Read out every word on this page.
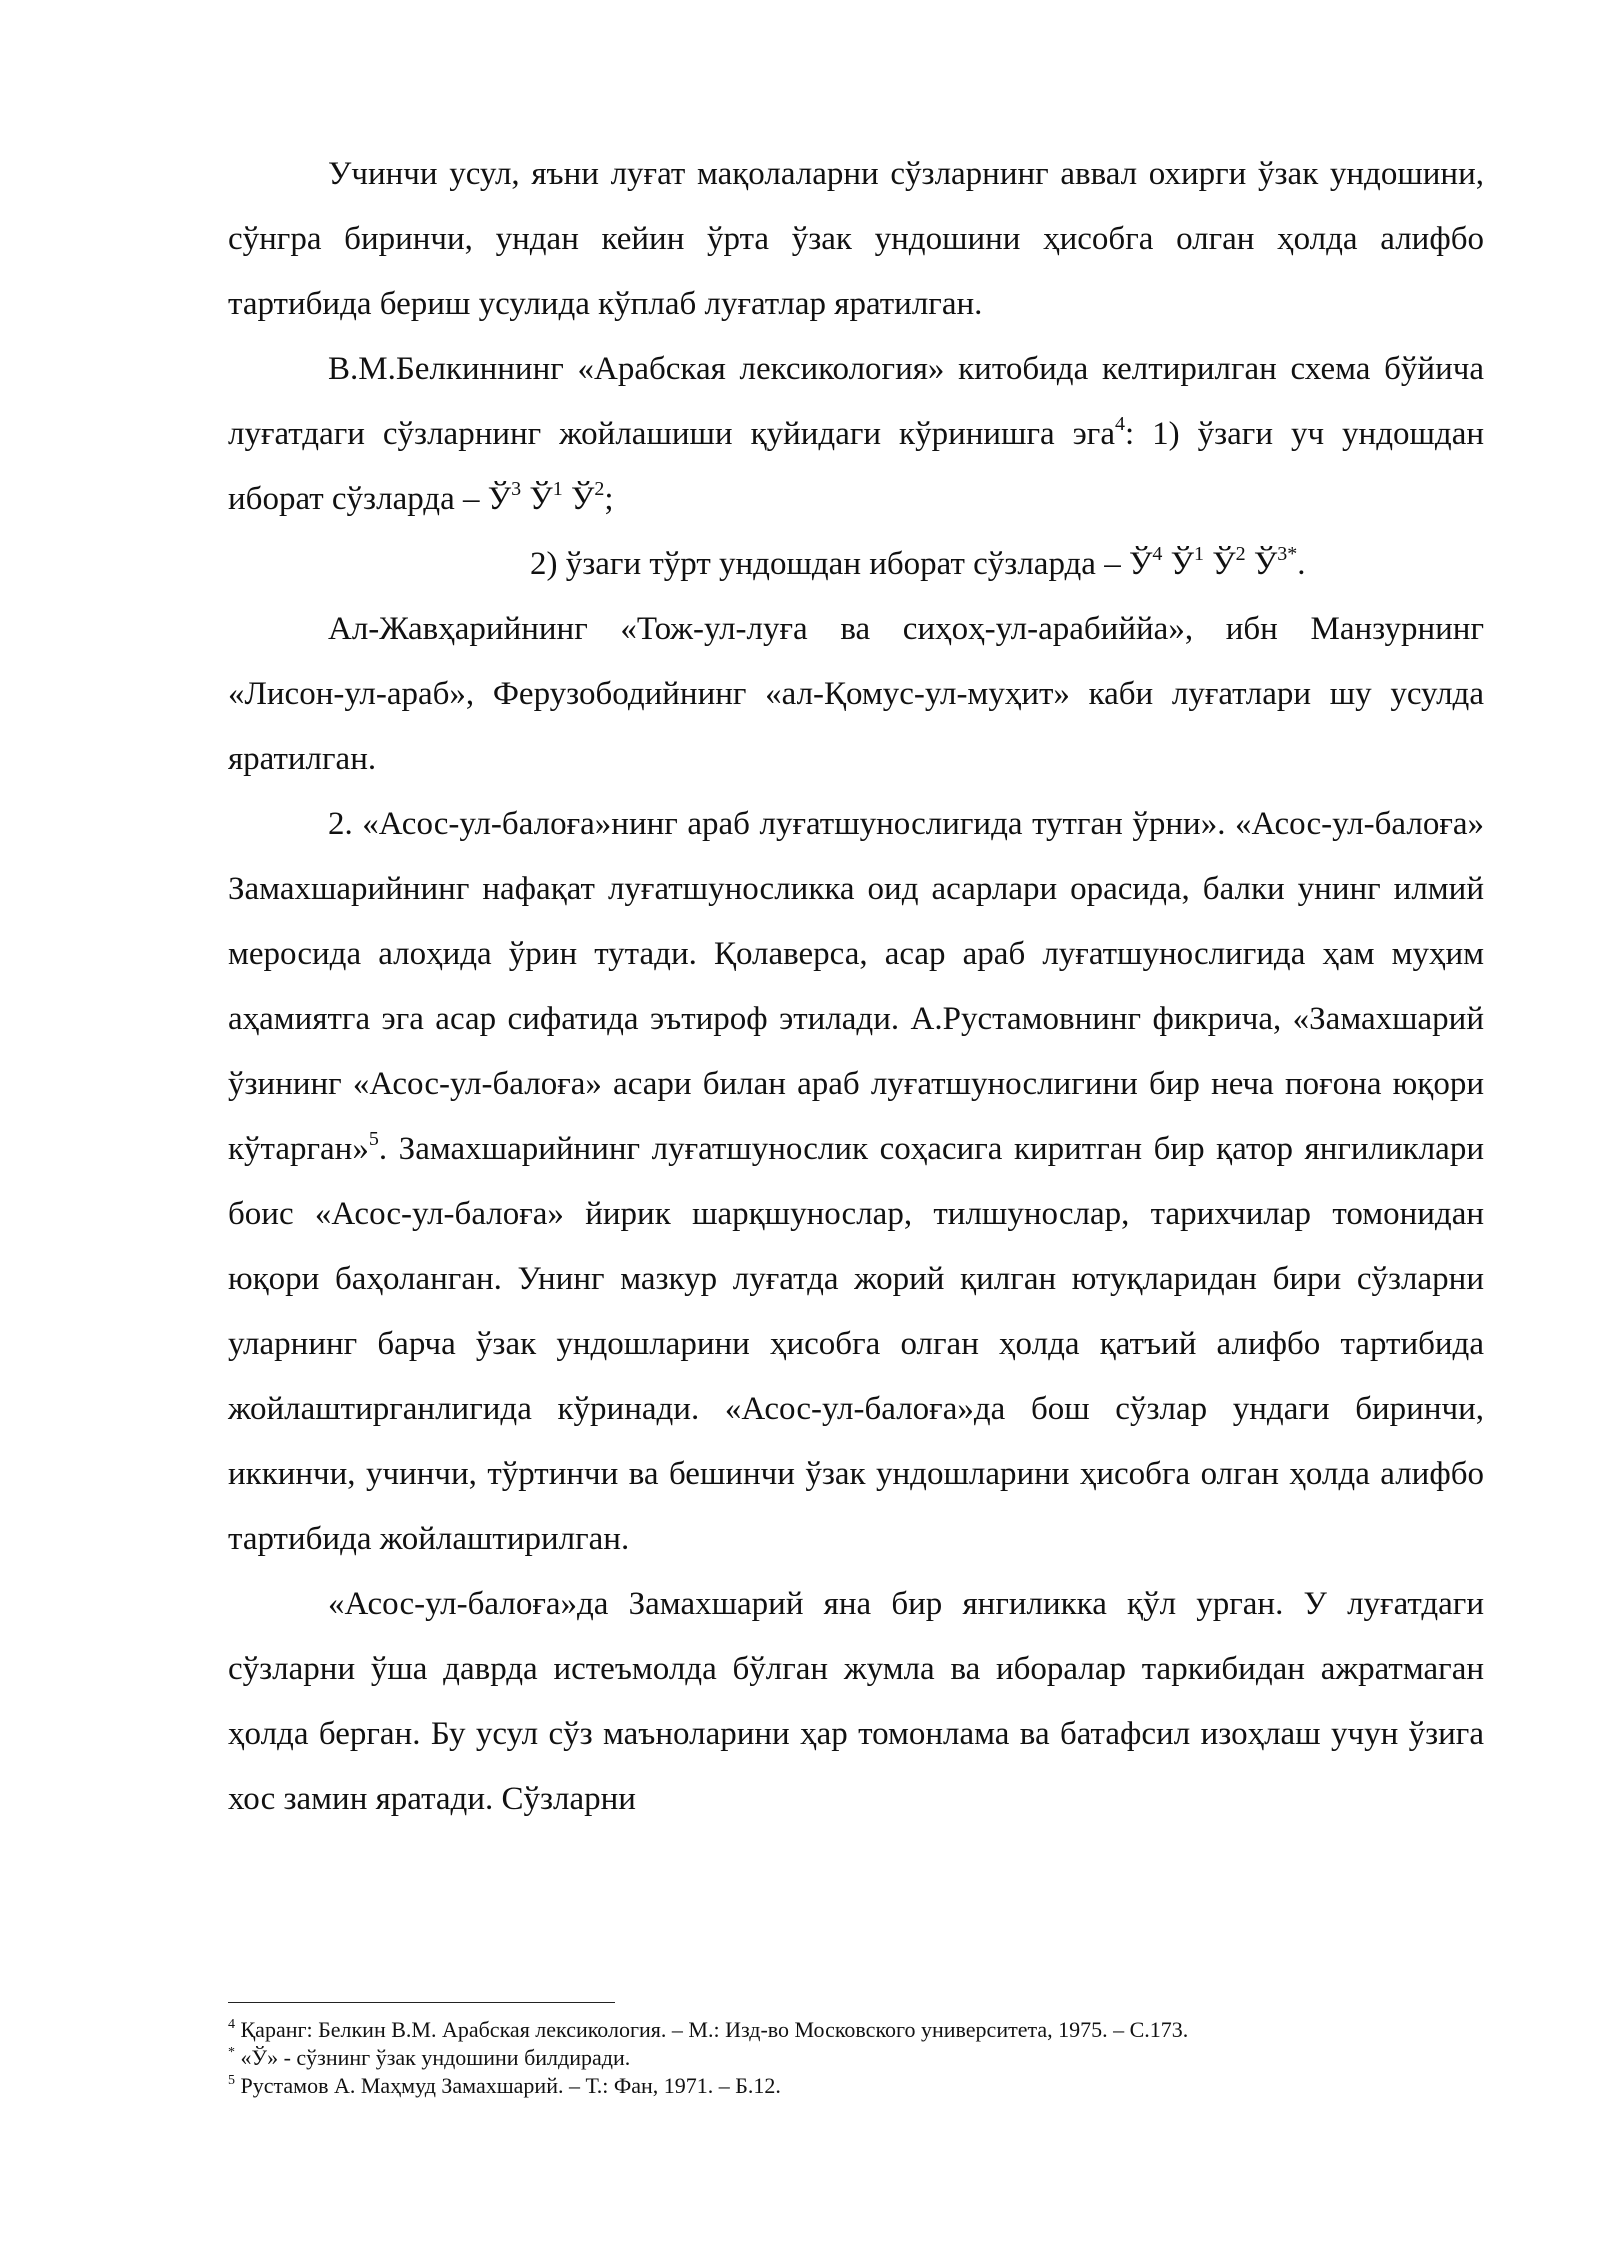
Учинчи усул, яъни луғат мақолаларни сўзларнинг аввал охирги ўзак ундошини, сўнгра биринчи, ундан кейин ўрта ўзак ундошини ҳисобга олган ҳолда алифбо тартибида бериш усулида кўплаб луғатлар яратилган.

В.М.Белкиннинг «Арабская лексикология» китобида келтирилган схема бўйича луғатдаги сўзларнинг жойлашиши қуйидаги кўринишга эга$^4$: 1) ўзаги уч ундошдан иборат сўзларда – $Ў^3$ $Ў^1$ $Ў^2$;

2) ўзаги тўрт ундошдан иборат сўзларда – $Ў^4$ $Ў^1$ $Ў^2$ $Ў^{3*}$.

Ал-Жавҳарийнинг «Тож-ул-луға ва сиҳоҳ-ул-арабиййа», ибн Манзурнинг «Лисон-ул-араб», Ферузободийнинг «ал-Қомус-ул-муҳит» каби луғатлари шу усулда яратилган.

2. «Асос-ул-балоға»нинг араб луғатшунослигида тутган ўрни». «Асос-ул-балоға» Замахшарийнинг нафақат луғатшуносликка оид асарлари орасида, балки унинг илмий меросида алоҳида ўрин тутади. Қолаверса, асар араб луғатшунослигида ҳам муҳим аҳамиятга эга асар сифатида эътироф этилади. А.Рустамовнинг фикрича, «Замахшарий ўзининг «Асос-ул-балоға» асари билан араб луғатшунослигини бир неча поғона юқори кўтарган»$^5$. Замахшарийнинг луғатшунослик соҳасига киритган бир қатор янгиликлари боис «Асос-ул-балоға» йирик шарқшунослар, тилшунослар, тарихчилар томонидан юқори баҳоланган. Унинг мазкур луғатда жорий қилган ютуқларидан бири сўзларни уларнинг барча ўзак ундошларини ҳисобга олган ҳолда қатъий алифбо тартибида жойлаштирганлигида кўринади. «Асос-ул-балоға»да бош сўзлар ундаги биринчи, иккинчи, учинчи, тўртинчи ва бешинчи ўзак ундошларини ҳисобга олган ҳолда алифбо тартибида жойлаштирилган.

«Асос-ул-балоға»да Замахшарий яна бир янгиликка қўл урган. У луғатдаги сўзларни ўша даврда истеъмолда бўлган жумла ва иборалар таркибидан ажратмаган ҳолда берган. Бу усул сўз маъноларини ҳар томонлама ва батафсил изоҳлаш учун ўзига хос замин яратади. Сўзларни

$^4$ Қаранг: Белкин В.М. Арабская лексикология. – М.: Изд-во Московского университета, 1975. – С.173.

* «Ў» - сўзнинг ўзак ундошини билдиради.

$^5$ Рустамов А. Маҳмуд Замахшарий. – Т.: Фан, 1971. – Б.12.
